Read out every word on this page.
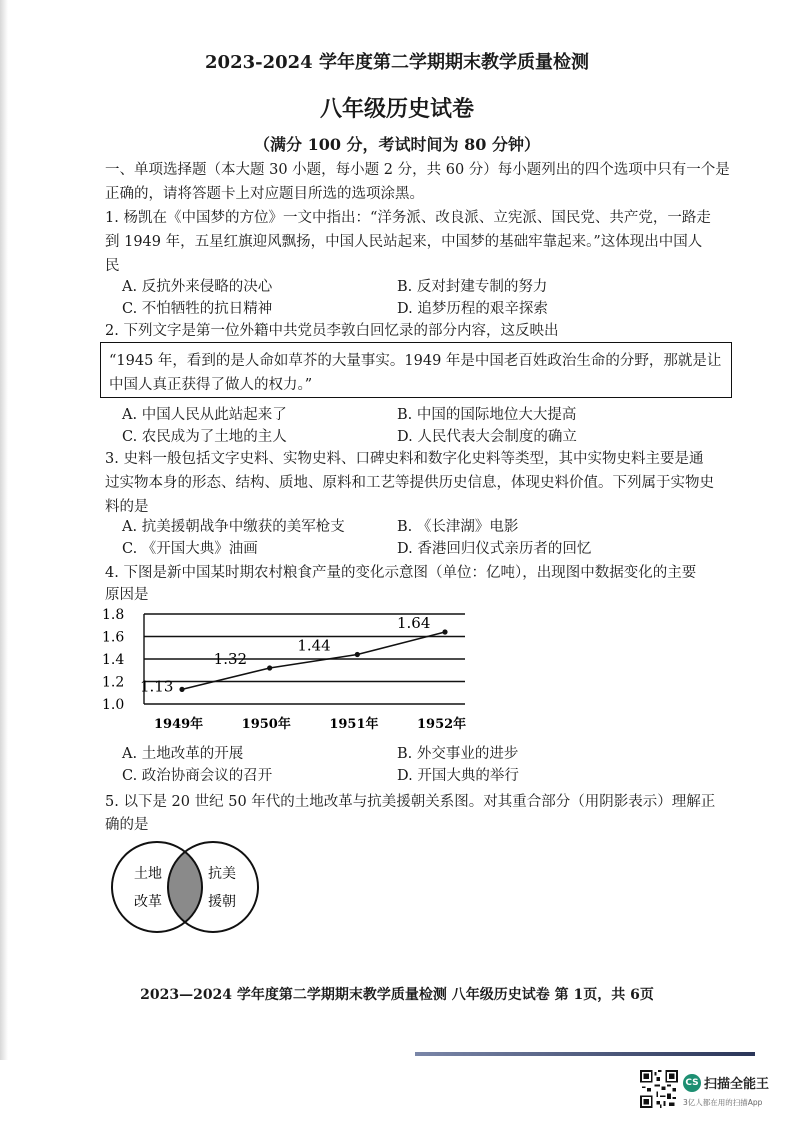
2023-2024 学年度第二学期期末教学质量检测
八年级历史试卷
（满分 100 分，考试时间为 80 分钟）
一、单项选择题（本大题 30 小题，每小题 2 分，共 60 分）每小题列出的四个选项中只有一个是
正确的，请将答题卡上对应题目所选的选项涂黑。
1. 杨凯在《中国梦的方位》一文中指出：“洋务派、改良派、立宪派、国民党、共产党，一路走
到 1949 年，五星红旗迎风飘扬，中国人民站起来，中国梦的基础牢靠起来。”这体现出中国人
民
A. 反抗外来侵略的决心	B. 反对封建专制的努力
C. 不怕牺牲的抗日精神	D. 追梦历程的艰辛探索
2. 下列文字是第一位外籍中共党员李敦白回忆录的部分内容，这反映出
“1945 年，看到的是人命如草芥的大量事实。1949 年是中国老百姓政治生命的分野，那就是让
中国人真正获得了做人的权力。”
A. 中国人民从此站起来了	B. 中国的国际地位大大提高
C. 农民成为了土地的主人	D. 人民代表大会制度的确立
3. 史料一般包括文字史料、实物史料、口碑史料和数字化史料等类型，其中实物史料主要是通
过实物本身的形态、结构、质地、原料和工艺等提供历史信息，体现史料价值。下列属于实物史
料的是
A. 抗美援朝战争中缴获的美军枪支	B. 《长津湖》电影
C. 《开国大典》油画	D. 香港回归仪式亲历者的回忆
4. 下图是新中国某时期农村粮食产量的变化示意图（单位：亿吨），出现图中数据变化的主要
原因是
1.0
1.2
1.4
1.6
1.8
1.13
1.32
1.44
1.64
1949年	1950年	1951年	1952年
A. 土地改革的开展	B. 外交事业的进步
C. 政治协商会议的召开	D. 开国大典的举行
5. 以下是 20 世纪 50 年代的土地改革与抗美援朝关系图。对其重合部分（用阴影表示）理解正
确的是
土地
改革
抗美
援朝
2023—2024 学年度第二学期期末教学质量检测 八年级历史试卷 第 1页，共 6页
CS 扫描全能王
3亿人都在用的扫描App
